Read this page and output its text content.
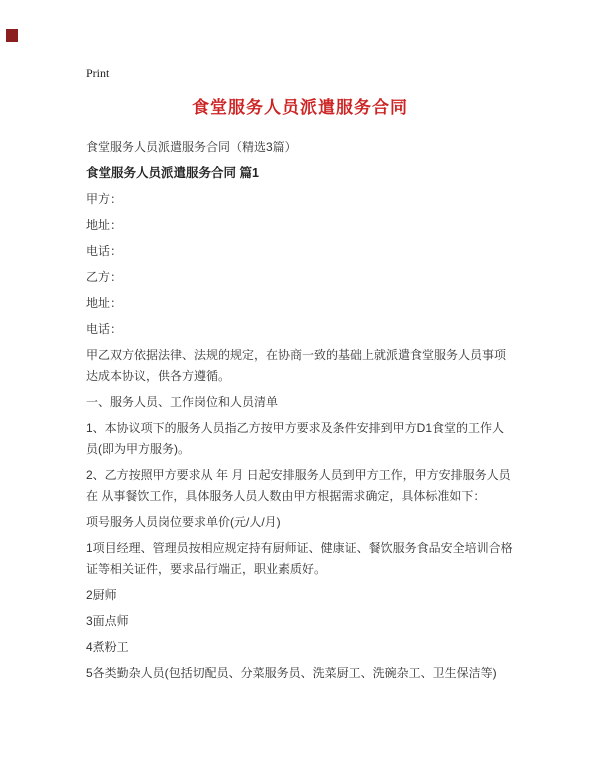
Print
食堂服务人员派遣服务合同
食堂服务人员派遣服务合同（精选3篇）
食堂服务人员派遣服务合同 篇1

甲方：

地址：

电话：

乙方：

地址：

电话：

甲乙双方依据法律、法规的规定，在协商一致的基础上就派遣食堂服务人员事项达成本协议，供各方遵循。

一、服务人员、工作岗位和人员清单

1、本协议项下的服务人员指乙方按甲方要求及条件安排到甲方D1食堂的工作人员(即为甲方服务)。

2、乙方按照甲方要求从 年 月 日起安排服务人员到甲方工作，甲方安排服务人员在 从事餐饮工作，具体服务人员人数由甲方根据需求确定，具体标准如下：

项号服务人员岗位要求单价(元/人/月)

1项目经理、管理员按相应规定持有厨师证、健康证、餐饮服务食品安全培训合格证等相关证件，要求品行端正，职业素质好。

2厨师

3面点师

4煮粉工

5各类勤杂人员(包括切配员、分菜服务员、洗菜厨工、洗碗杂工、卫生保洁等)
